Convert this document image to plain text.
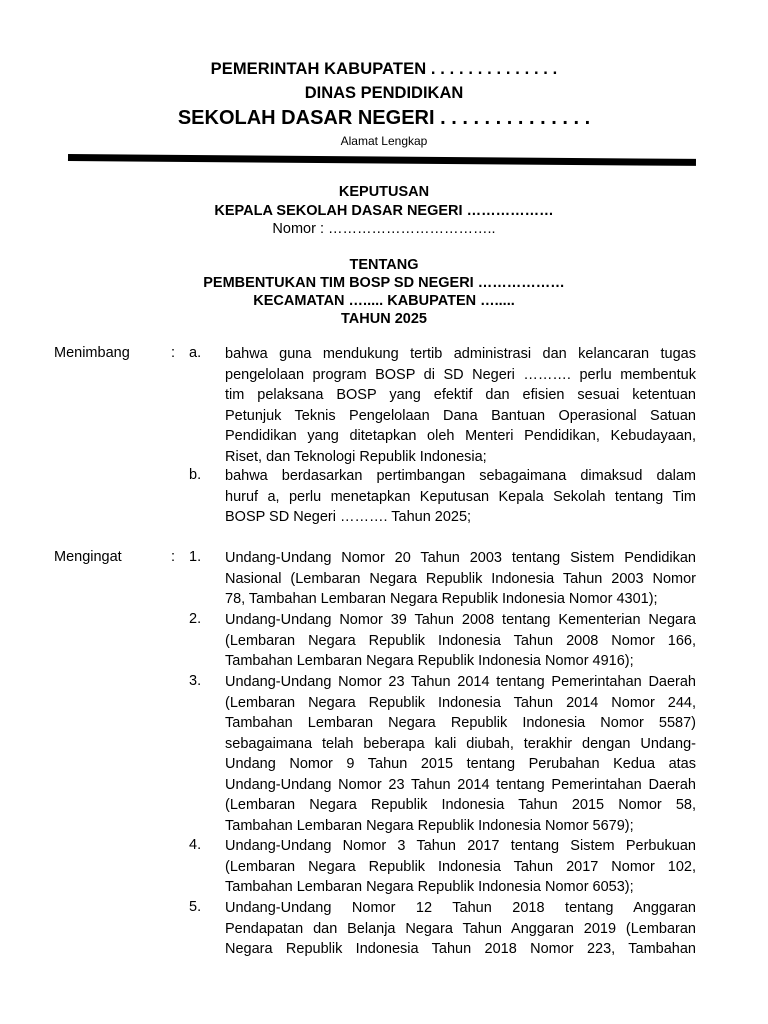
PEMERINTAH KABUPATEN . . . . . . . . . . . . . .
DINAS PENDIDIKAN
SEKOLAH DASAR NEGERI . . . . . . . . . . . . . .
Alamat Lengkap
KEPUTUSAN
KEPALA SEKOLAH DASAR NEGERI ………………
Nomor : ……………………………..
TENTANG
PEMBENTUKAN TIM BOSP SD NEGERI ………………
KECAMATAN …..... KABUPATEN ….....
TAHUN 2025
Menimbang	: a. bahwa guna mendukung tertib administrasi dan kelancaran tugas
pengelolaan program BOSP di SD Negeri ………. perlu membentuk
tim pelaksana BOSP yang efektif dan efisien sesuai ketentuan
Petunjuk Teknis Pengelolaan Dana Bantuan Operasional Satuan
Pendidikan yang ditetapkan oleh Menteri Pendidikan, Kebudayaan,
Riset, dan Teknologi Republik Indonesia;
b. bahwa berdasarkan pertimbangan sebagaimana dimaksud dalam
huruf a, perlu menetapkan Keputusan Kepala Sekolah tentang Tim
BOSP SD Negeri ………. Tahun 2025;
Mengingat	: 1. Undang-Undang Nomor 20 Tahun 2003 tentang Sistem Pendidikan
Nasional (Lembaran Negara Republik Indonesia Tahun 2003 Nomor
78, Tambahan Lembaran Negara Republik Indonesia Nomor 4301);
2. Undang-Undang Nomor 39 Tahun 2008 tentang Kementerian Negara
(Lembaran Negara Republik Indonesia Tahun 2008 Nomor 166,
Tambahan Lembaran Negara Republik Indonesia Nomor 4916);
3. Undang-Undang Nomor 23 Tahun 2014 tentang Pemerintahan Daerah
(Lembaran Negara Republik Indonesia Tahun 2014 Nomor 244,
Tambahan Lembaran Negara Republik Indonesia Nomor 5587)
sebagaimana telah beberapa kali diubah, terakhir dengan Undang-
Undang Nomor 9 Tahun 2015 tentang Perubahan Kedua atas
Undang-Undang Nomor 23 Tahun 2014 tentang Pemerintahan Daerah
(Lembaran Negara Republik Indonesia Tahun 2015 Nomor 58,
Tambahan Lembaran Negara Republik Indonesia Nomor 5679);
4. Undang-Undang Nomor 3 Tahun 2017 tentang Sistem Perbukuan
(Lembaran Negara Republik Indonesia Tahun 2017 Nomor 102,
Tambahan Lembaran Negara Republik Indonesia Nomor 6053);
5. Undang-Undang Nomor 12 Tahun 2018 tentang Anggaran
Pendapatan dan Belanja Negara Tahun Anggaran 2019 (Lembaran
Negara Republik Indonesia Tahun 2018 Nomor 223, Tambahan
